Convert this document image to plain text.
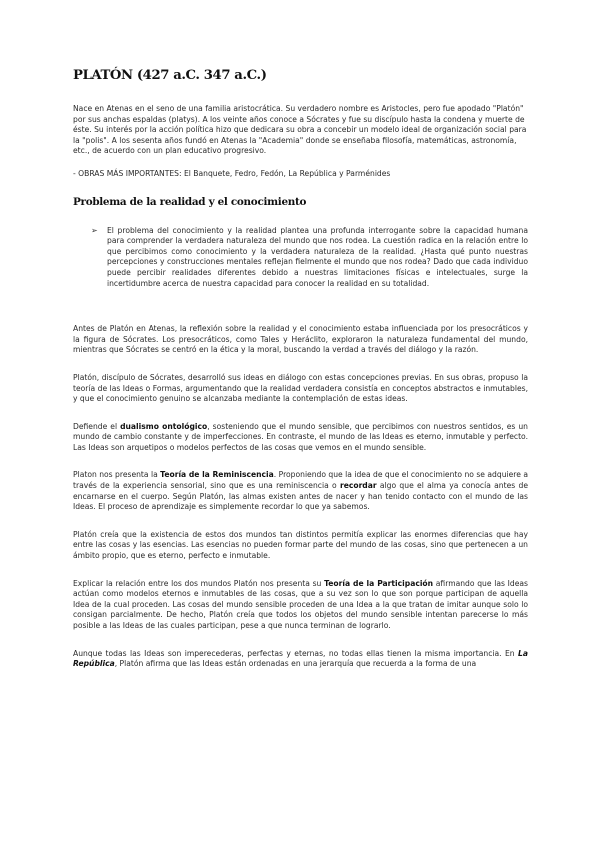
PLATÓN (427 a.C. 347 a.C.)

Nace en Atenas en el seno de una familia aristocrática. Su verdadero nombre es Aristocles, pero fue apodado "Platón" por sus anchas espaldas (platys). A los veinte años conoce a Sócrates y fue su discípulo hasta la condena y muerte de éste. Su interés por la acción política hizo que dedicara su obra a concebir un modelo ideal de organización social para la "polis". A los sesenta años fundó en Atenas la "Academia" donde se enseñaba filosofía, matemáticas, astronomía, etc., de acuerdo con un plan educativo progresivo.

- OBRAS MÁS IMPORTANTES: El Banquete, Fedro, Fedón, La República y Parménides

Problema de la realidad y el conocimiento
➢ El problema del conocimiento y la realidad plantea una profunda interrogante sobre la capacidad humana para comprender la verdadera naturaleza del mundo que nos rodea. La cuestión radica en la relación entre lo que percibimos como conocimiento y la verdadera naturaleza de la realidad. ¿Hasta qué punto nuestras percepciones y construcciones mentales reflejan fielmente el mundo que nos rodea? Dado que cada individuo puede percibir realidades diferentes debido a nuestras limitaciones físicas e intelectuales, surge la incertidumbre acerca de nuestra capacidad para conocer la realidad en su totalidad.

Antes de Platón en Atenas, la reflexión sobre la realidad y el conocimiento estaba influenciada por los presocráticos y la figura de Sócrates. Los presocráticos, como Tales y Heráclito, exploraron la naturaleza fundamental del mundo, mientras que Sócrates se centró en la ética y la moral, buscando la verdad a través del diálogo y la razón.

Platón, discípulo de Sócrates, desarrolló sus ideas en diálogo con estas concepciones previas. En sus obras, propuso la teoría de las Ideas o Formas, argumentando que la realidad verdadera consistía en conceptos abstractos e inmutables, y que el conocimiento genuino se alcanzaba mediante la contemplación de estas ideas.

Defiende el dualismo ontológico, sosteniendo que el mundo sensible, que percibimos con nuestros sentidos, es un mundo de cambio constante y de imperfecciones. En contraste, el mundo de las Ideas es eterno, inmutable y perfecto. Las Ideas son arquetipos o modelos perfectos de las cosas que vemos en el mundo sensible.

Platon nos presenta la Teoría de la Reminiscencia. Proponiendo que la idea de que el conocimiento no se adquiere a través de la experiencia sensorial, sino que es una reminiscencia o recordar algo que el alma ya conocía antes de encarnarse en el cuerpo. Según Platón, las almas existen antes de nacer y han tenido contacto con el mundo de las Ideas. El proceso de aprendizaje es simplemente recordar lo que ya sabemos.

Platón creía que la existencia de estos dos mundos tan distintos permitía explicar las enormes diferencias que hay entre las cosas y las esencias. Las esencias no pueden formar parte del mundo de las cosas, sino que pertenecen a un ámbito propio, que es eterno, perfecto e inmutable.

Explicar la relación entre los dos mundos Platón nos presenta su Teoría de la Participación afirmando que las Ideas actúan como modelos eternos e inmutables de las cosas, que a su vez son lo que son porque participan de aquella Idea de la cual proceden. Las cosas del mundo sensible proceden de una Idea a la que tratan de imitar aunque solo lo consigan parcialmente. De hecho, Platón creía que todos los objetos del mundo sensible intentan parecerse lo más posible a las Ideas de las cuales participan, pese a que nunca terminan de lograrlo.

Aunque todas las Ideas son imperecederas, perfectas y eternas, no todas ellas tienen la misma importancia. En La República, Platón afirma que las Ideas están ordenadas en una jerarquía que recuerda a la forma de una
